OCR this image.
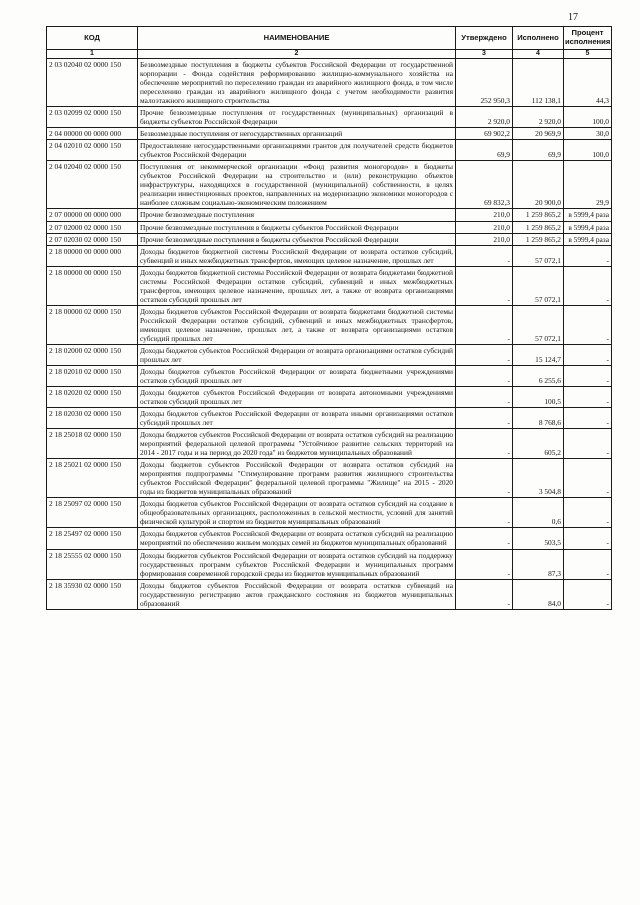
17
КОД	НАИМЕНОВАНИЕ	Утверждено	Исполнено	Процент исполнения
1	2	3	4	5
2 03 02040 02 0000 150	Безвозмездные поступления в бюджеты субъектов Российской Федерации от государственной корпорации - Фонда содействия реформированию жилищно-коммунального хозяйства на обеспечение мероприятий по переселению граждан из аварийного жилищного фонда, в том числе переселению граждан из аварийного жилищного фонда с учетом необходимости развития малоэтажного жилищного строительства	252 950,3	112 138,1	44,3
2 03 02099 02 0000 150	Прочие безвозмездные поступления от государственных (муниципальных) организаций в бюджеты субъектов Российской Федерации	2 920,0	2 920,0	100,0
2 04 00000 00 0000 000	Безвозмездные поступления от негосударственных организаций	69 902,2	20 969,9	30,0
2 04 02010 02 0000 150	Предоставление негосударственными организациями грантов для получателей средств бюджетов субъектов Российской Федерации	69,9	69,9	100,0
2 04 02040 02 0000 150	Поступления от некоммерческой организации «Фонд развития моногородов» в бюджеты субъектов Российской Федерации на строительство и (или) реконструкцию объектов инфраструктуры, находящихся в государственной (муниципальной) собственности, в целях реализации инвестиционных проектов, направленных на модернизацию экономики моногородов с наиболее сложным социально-экономическим положением	69 832,3	20 900,0	29,9
2 07 00000 00 0000 000	Прочие безвозмездные поступления	210,0	1 259 865,2	в 5999,4 раза
2 07 02000 02 0000 150	Прочие безвозмездные поступления в бюджеты субъектов Российской Федерации	210,0	1 259 865,2	в 5999,4 раза
2 07 02030 02 0000 150	Прочие безвозмездные поступления в бюджеты субъектов Российской Федерации	210,0	1 259 865,2	в 5999,4 раза
2 18 00000 00 0000 000	Доходы бюджетов бюджетной системы Российской Федерации от возврата остатков субсидий, субвенций и иных межбюджетных трансфертов, имеющих целевое назначение, прошлых лет	-	57 072,1	-
2 18 00000 00 0000 150	Доходы бюджетов бюджетной системы Российской Федерации от возврата бюджетами бюджетной системы Российской Федерации остатков субсидий, субвенций и иных межбюджетных трансфертов, имеющих целевое назначение, прошлых лет, а также от возврата организациями остатков субсидий прошлых лет	-	57 072,1	-
2 18 00000 02 0000 150	Доходы бюджетов субъектов Российской Федерации от возврата бюджетами бюджетной системы Российской Федерации остатков субсидий, субвенций и иных межбюджетных трансфертов, имеющих целевое назначение, прошлых лет, а также от возврата организациями остатков субсидий прошлых лет	-	57 072,1	-
2 18 02000 02 0000 150	Доходы бюджетов субъектов Российской Федерации от возврата организациями остатков субсидий прошлых лет	-	15 124,7	-
2 18 02010 02 0000 150	Доходы бюджетов субъектов Российской Федерации от возврата бюджетными учреждениями остатков субсидий прошлых лет	-	6 255,6	-
2 18 02020 02 0000 150	Доходы бюджетов субъектов Российской Федерации от возврата автономными учреждениями остатков субсидий прошлых лет	-	100,5	-
2 18 02030 02 0000 150	Доходы бюджетов субъектов Российской Федерации от возврата иными организациями остатков субсидий прошлых лет	-	8 768,6	-
2 18 25018 02 0000 150	Доходы бюджетов субъектов Российской Федерации от возврата остатков субсидий на реализацию мероприятий федеральной целевой программы "Устойчивое развитие сельских территорий на 2014 - 2017 годы и на период до 2020 года" из бюджетов муниципальных образований	-	605,2	-
2 18 25021 02 0000 150	Доходы бюджетов субъектов Российской Федерации от возврата остатков субсидий на мероприятия подпрограммы "Стимулирование программ развития жилищного строительства субъектов Российской Федерации" федеральной целевой программы "Жилище" на 2015 - 2020 годы из бюджетов муниципальных образований	-	3 504,8	-
2 18 25097 02 0000 150	Доходы бюджетов субъектов Российской Федерации от возврата остатков субсидий на создание в общеобразовательных организациях, расположенных в сельской местности, условий для занятий физической культурой и спортом из бюджетов муниципальных образований	-	0,6	-
2 18 25497 02 0000 150	Доходы бюджетов субъектов Российской Федерации от возврата остатков субсидий на реализацию мероприятий по обеспечению жильем молодых семей из бюджетов муниципальных образований	-	503,5	-
2 18 25555 02 0000 150	Доходы бюджетов субъектов Российской Федерации от возврата остатков субсидий на поддержку государственных программ субъектов Российской Федерации и муниципальных программ формирования современной городской среды из бюджетов муниципальных образований	-	87,3	-
2 18 35930 02 0000 150	Доходы бюджетов субъектов Российской Федерации от возврата остатков субвенций на государственную регистрацию актов гражданского состояния из бюджетов муниципальных образований	-	84,0	-
